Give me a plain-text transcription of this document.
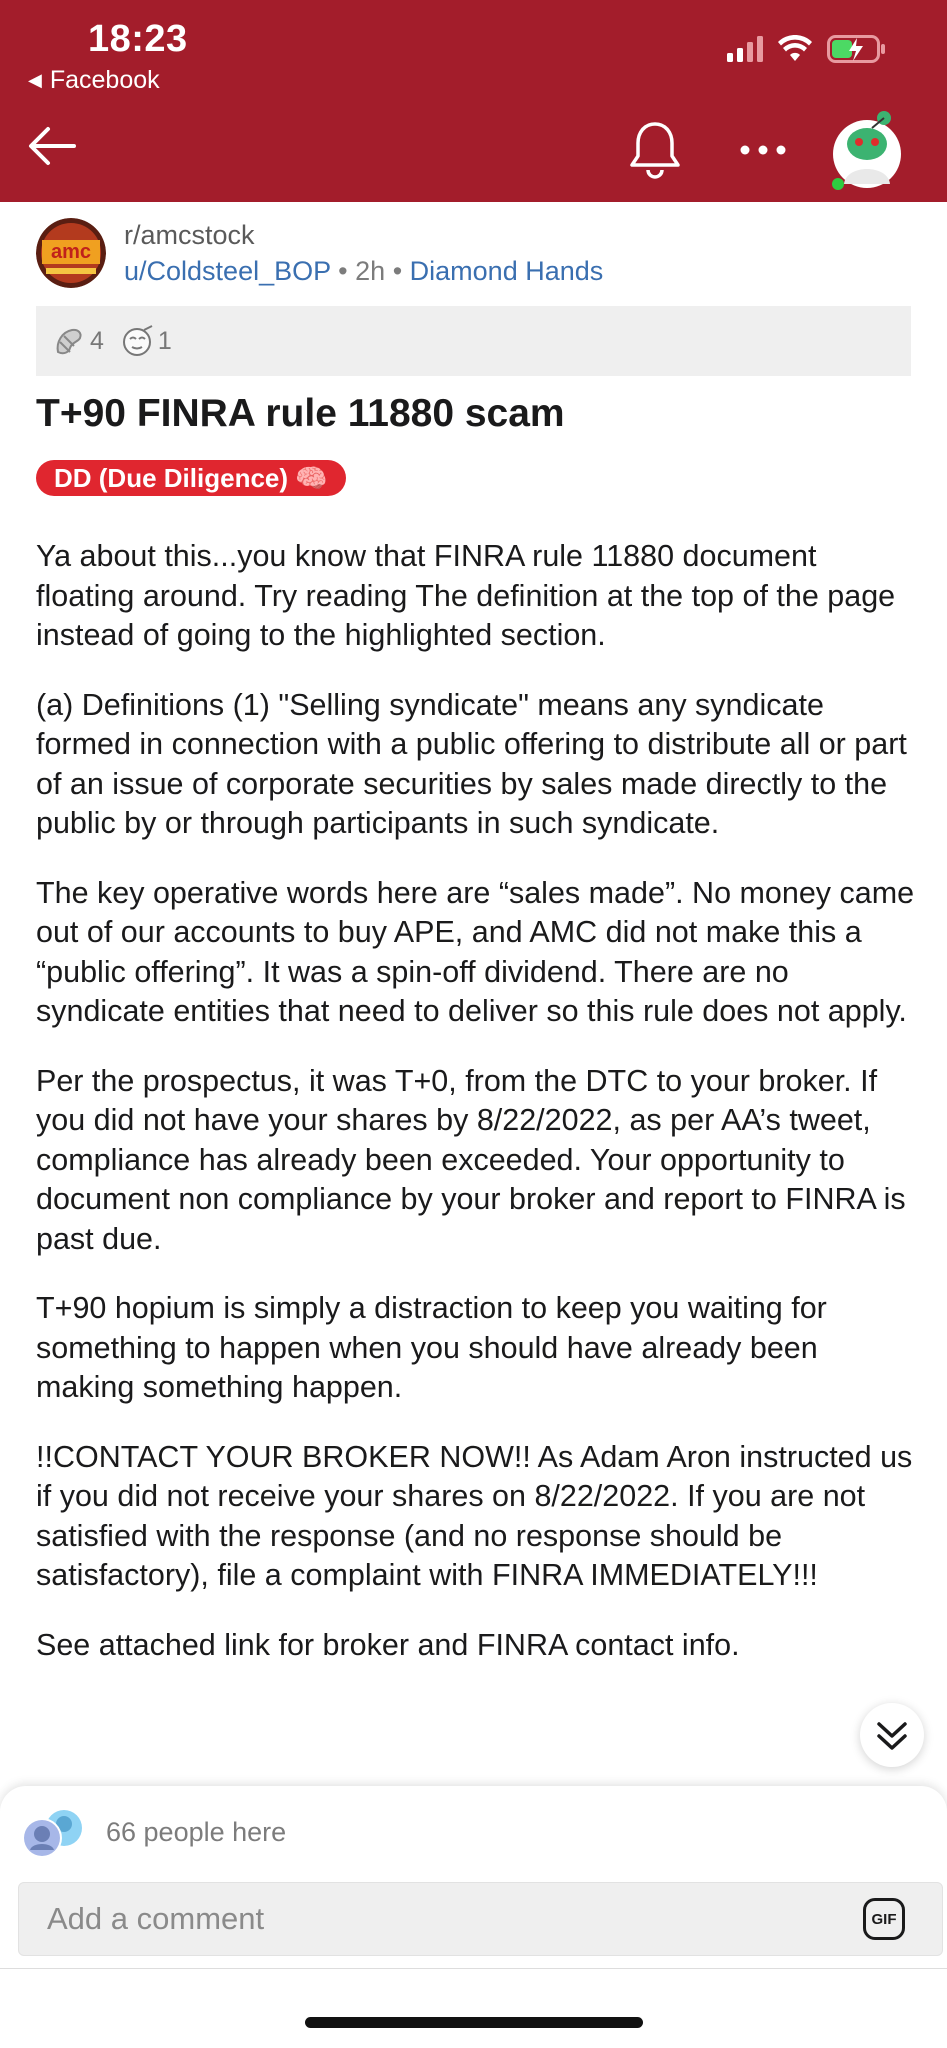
18:23
◀ Facebook
amc
r/amcstock
u/Coldsteel_BOP • 2h • Diamond Hands
4 1
T+90 FINRA rule 11880 scam
DD (Due Diligence) 🧠

Ya about this...you know that FINRA rule 11880 document floating around. Try reading The definition at the top of the page instead of going to the highlighted section.

(a) Definitions (1) "Selling syndicate" means any syndicate formed in connection with a public offering to distribute all or part of an issue of corporate securities by sales made directly to the public by or through participants in such syndicate.

The key operative words here are “sales made”. No money came out of our accounts to buy APE, and AMC did not make this a “public offering”. It was a spin-off dividend. There are no syndicate entities that need to deliver so this rule does not apply.

Per the prospectus, it was T+0, from the DTC to your broker. If you did not have your shares by 8/22/2022, as per AA’s tweet, compliance has already been exceeded. Your opportunity to document non compliance by your broker and report to FINRA is past due.

T+90 hopium is simply a distraction to keep you waiting for something to happen when you should have already been making something happen.

!!CONTACT YOUR BROKER NOW!! As Adam Aron instructed us if you did not receive your shares on 8/22/2022. If you are not satisfied with the response (and no response should be satisfactory), file a complaint with FINRA IMMEDIATELY!!!

See attached link for broker and FINRA contact info.

66 people here
Add a comment	GIF
